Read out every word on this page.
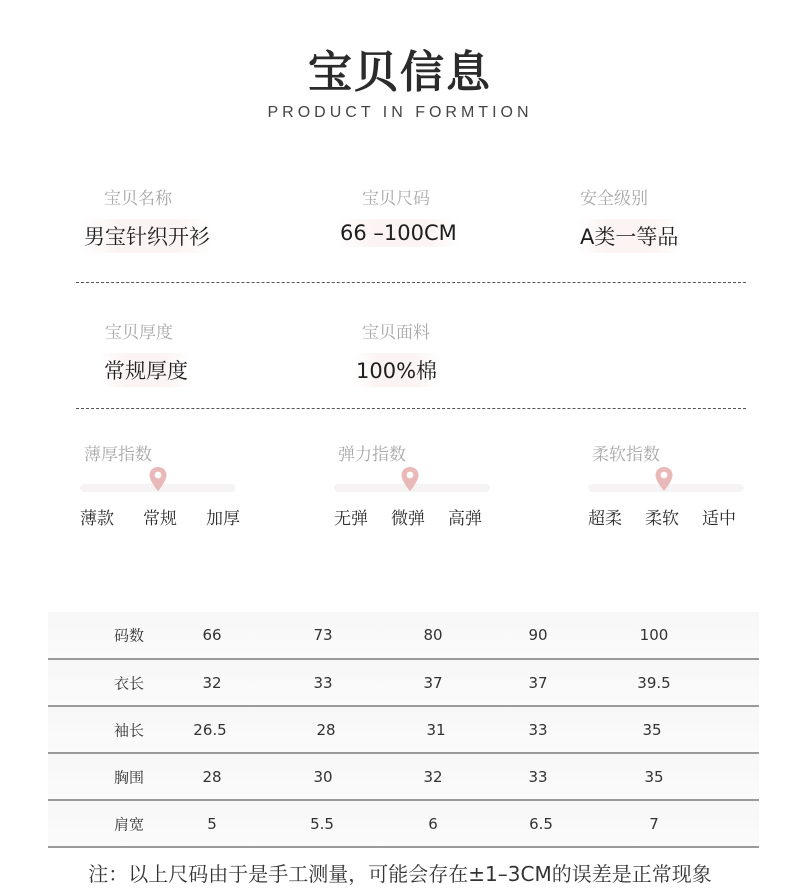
宝贝信息
PRODUCT IN FORMTION
宝贝名称
男宝针织开衫
宝贝尺码
66 –100CM
安全级别
A类一等品
宝贝厚度
常规厚度
宝贝面料
100%棉
薄厚指数
薄款 常规 加厚
弹力指数
无弹 微弹 高弹
柔软指数
超柔 柔软 适中
码数	66	73	80	90	100
衣长	32	33	37	37	39.5
袖长	26.5	28	31	33	35
胸围	28	30	32	33	35
肩宽	5	5.5	6	6.5	7
注：以上尺码由于是手工测量，可能会存在±1–3CM的误差是正常现象
